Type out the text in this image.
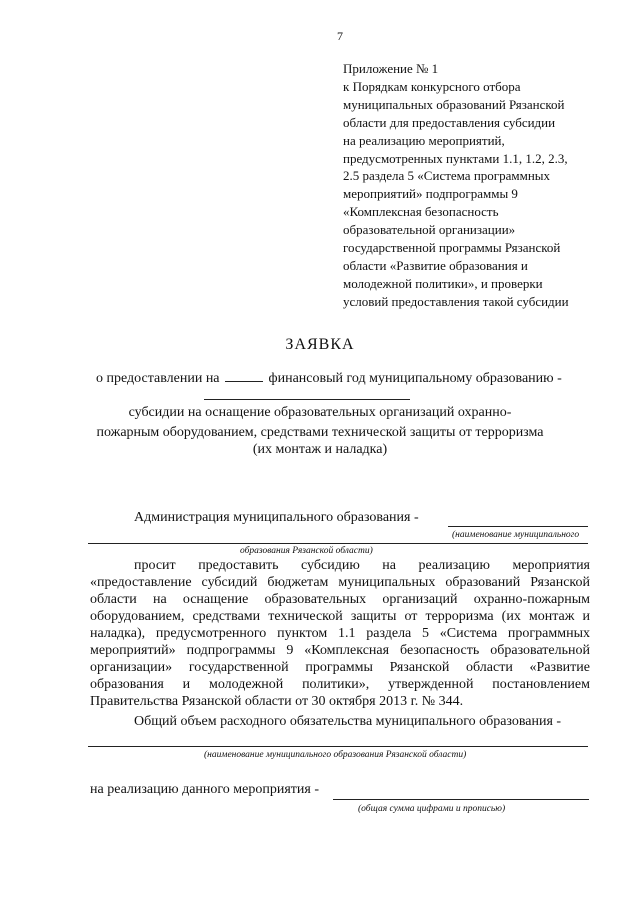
7
Приложение № 1
к Порядкам конкурсного отбора
муниципальных образований Рязанской
области для предоставления субсидии
на реализацию мероприятий,
предусмотренных пунктами 1.1, 1.2, 2.3,
2.5 раздела 5 «Система программных
мероприятий» подпрограммы 9
«Комплексная безопасность
образовательной организации»
государственной программы Рязанской
области «Развитие образования и
молодежной политики», и проверки
условий предоставления такой субсидии
ЗАЯВКА
о предоставлении на	финансовый год муниципальному образованию -
субсидии на оснащение образовательных организаций охранно-
пожарным оборудованием, средствами технической защиты от терроризма
(их монтаж и наладка)
Администрация муниципального образования -
(наименование муниципального
образования Рязанской области)
просит предоставить субсидию на реализацию мероприятия
«предоставление субсидий бюджетам муниципальных образований Рязанской
области на оснащение образовательных организаций охранно-пожарным
оборудованием, средствами технической защиты от терроризма (их монтаж и
наладка), предусмотренного пунктом 1.1 раздела 5 «Система программных
мероприятий» подпрограммы 9 «Комплексная безопасность образовательной
организации» государственной программы Рязанской области «Развитие
образования и молодежной политики», утвержденной постановлением
Правительства Рязанской области от 30 октября 2013 г. № 344.
Общий объем расходного обязательства муниципального образования -
(наименование муниципального образования Рязанской области)
на реализацию данного мероприятия -
(общая сумма цифрами и прописью)
